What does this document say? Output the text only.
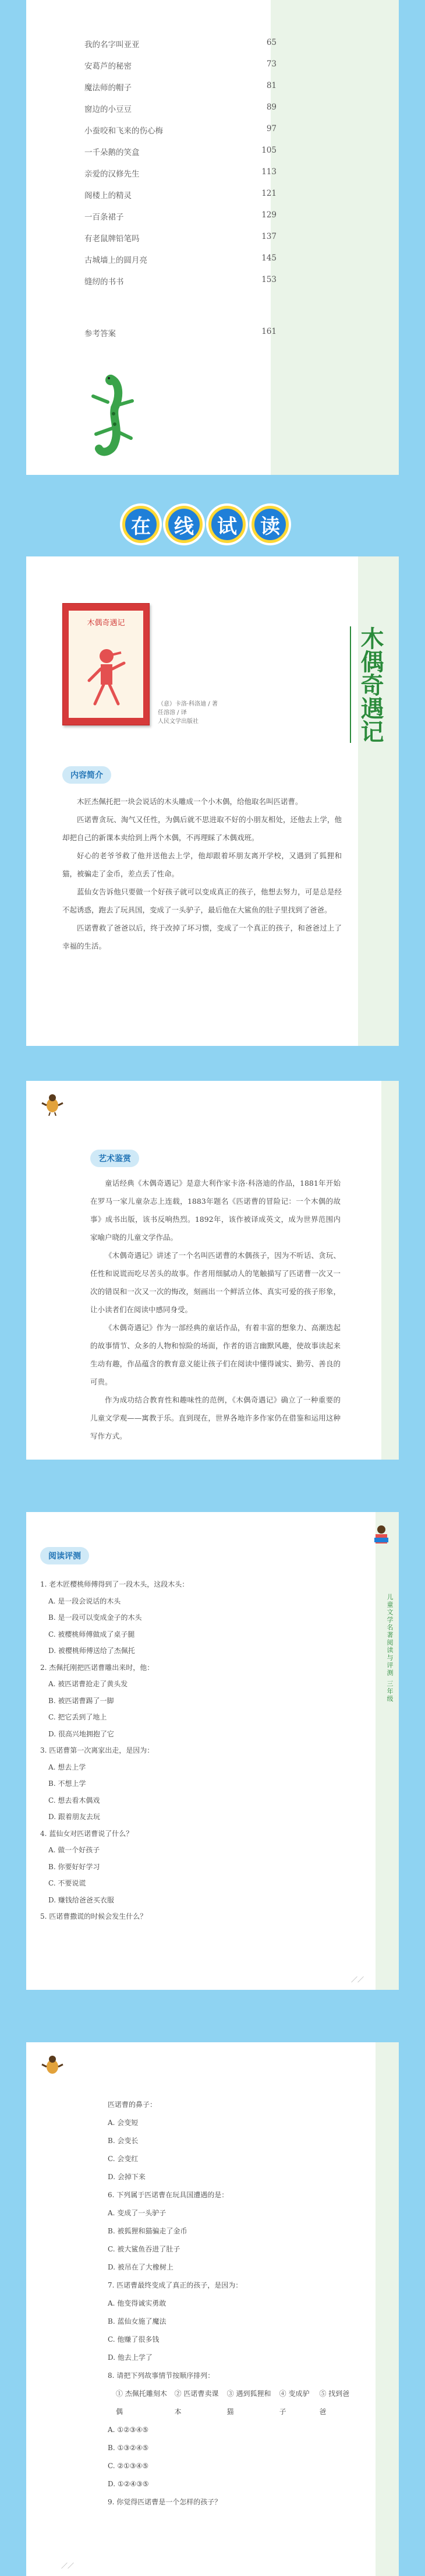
我的名字叫亚亚	65
安葛芦的秘密	73
魔法师的帽子	81
窗边的小豆豆	89
小蚕咬和飞来的伤心梅	97
一千朵鹅的笑盒	105
亲爱的汉修先生	113
阁楼上的精灵	121
一百条裙子	129
有老鼠牌铅笔吗	137
古城墙上的圆月亮	145
缝纫的书书	153
参考答案	161
在	线	试	读
木偶奇遇记
（意）卡洛·科洛迪 / 著
任溶溶 / 译
人民文学出版社	木偶奇遇记
内容简介

木匠杰佩托把一块会说话的木头雕成一个小木偶，给他取名叫匹诺曹。

匹诺曹贪玩、淘气又任性，为偶后就不思进取不好的小朋友相处，还他去上学，他却把自己的新课本卖给到上两个木偶，不再理睬了木偶戏班。

好心的老爷爷救了他并送他去上学，他却跟着坏朋友离开学校，又遇到了狐狸和猫，被骗走了金币，差点丢了性命。

蓝仙女告诉他只要做一个好孩子就可以变成真正的孩子，他想去努力，可是总是经不起诱惑，跑去了玩具国，变成了一头驴子，最后他在大鲨鱼的肚子里找到了爸爸。

匹诺曹救了爸爸以后，终于改掉了坏习惯，变成了一个真正的孩子，和爸爸过上了幸福的生活。

艺术鉴赏

童话经典《木偶奇遇记》是意大利作家卡洛·科洛迪的作品，1881年开始在罗马一家儿童杂志上连载，1883年题名《匹诺曹的冒险记：一个木偶的故事》成书出版，该书反响热烈。1892年，该作被译成英文，成为世界范围内家喻户晓的儿童文学作品。

《木偶奇遇记》讲述了一个名叫匹诺曹的木偶孩子，因为不听话、贪玩、任性和说谎而吃尽苦头的故事。作者用细腻动人的笔触描写了匹诺曹一次又一次的错误和一次又一次的悔改，刻画出一个鲜活立体、真实可爱的孩子形象，让小读者们在阅读中感同身受。

《木偶奇遇记》作为一部经典的童话作品，有着丰富的想象力、高潮迭起的故事情节、众多的人物和惊险的场面，作者的语言幽默风趣，使故事读起来生动有趣，作品蕴含的教育意义能让孩子们在阅读中懂得诚实、勤劳、善良的可贵。

作为成功结合教育性和趣味性的范例，《木偶奇遇记》确立了一种重要的儿童文学观——寓教于乐。直到现在，世界各地许多作家仍在借鉴和运用这种写作方式。

儿童文学名著阅读与评测 三年级
阅读评测
1. 老木匠樱桃师傅得到了一段木头，这段木头：
A. 是一段会说话的木头
B. 是一段可以变成金子的木头
C. 被樱桃师傅做成了桌子腿
D. 被樱桃师傅送给了杰佩托
2. 杰佩托刚把匹诺曹雕出来时，他：
A. 被匹诺曹抢走了黄头发
B. 被匹诺曹踢了一脚
C. 把它丢到了地上
D. 很高兴地拥抱了它
3. 匹诺曹第一次离家出走，是因为：
A. 想去上学
B. 不想上学
C. 想去看木偶戏
D. 跟着朋友去玩
4. 蓝仙女对匹诺曹说了什么？
A. 做一个好孩子
B. 你要好好学习
C. 不要说谎
D. 赚钱给爸爸买衣服
5. 匹诺曹撒谎的时候会发生什么？
／／
匹诺曹的鼻子：
A. 会变短
B. 会变长
C. 会变红
D. 会掉下来
6. 下列属于匹诺曹在玩具国遭遇的是：
A. 变成了一头驴子
B. 被狐狸和猫骗走了金币
C. 被大鲨鱼吞进了肚子
D. 被吊在了大橡树上
7. 匹诺曹最终变成了真正的孩子，是因为：
A. 他变得诚实勇敢
B. 蓝仙女施了魔法
C. 他赚了很多钱
D. 他去上学了
8. 请把下列故事情节按顺序排列：
① 杰佩托雕刻木偶
② 匹诺曹卖课本
③ 遇到狐狸和猫
④ 变成驴子
⑤ 找到爸爸
A. ①②③④⑤
B. ①③②④⑤
C. ②①③④⑤
D. ①②④③⑤
9. 你觉得匹诺曹是一个怎样的孩子？
／／
